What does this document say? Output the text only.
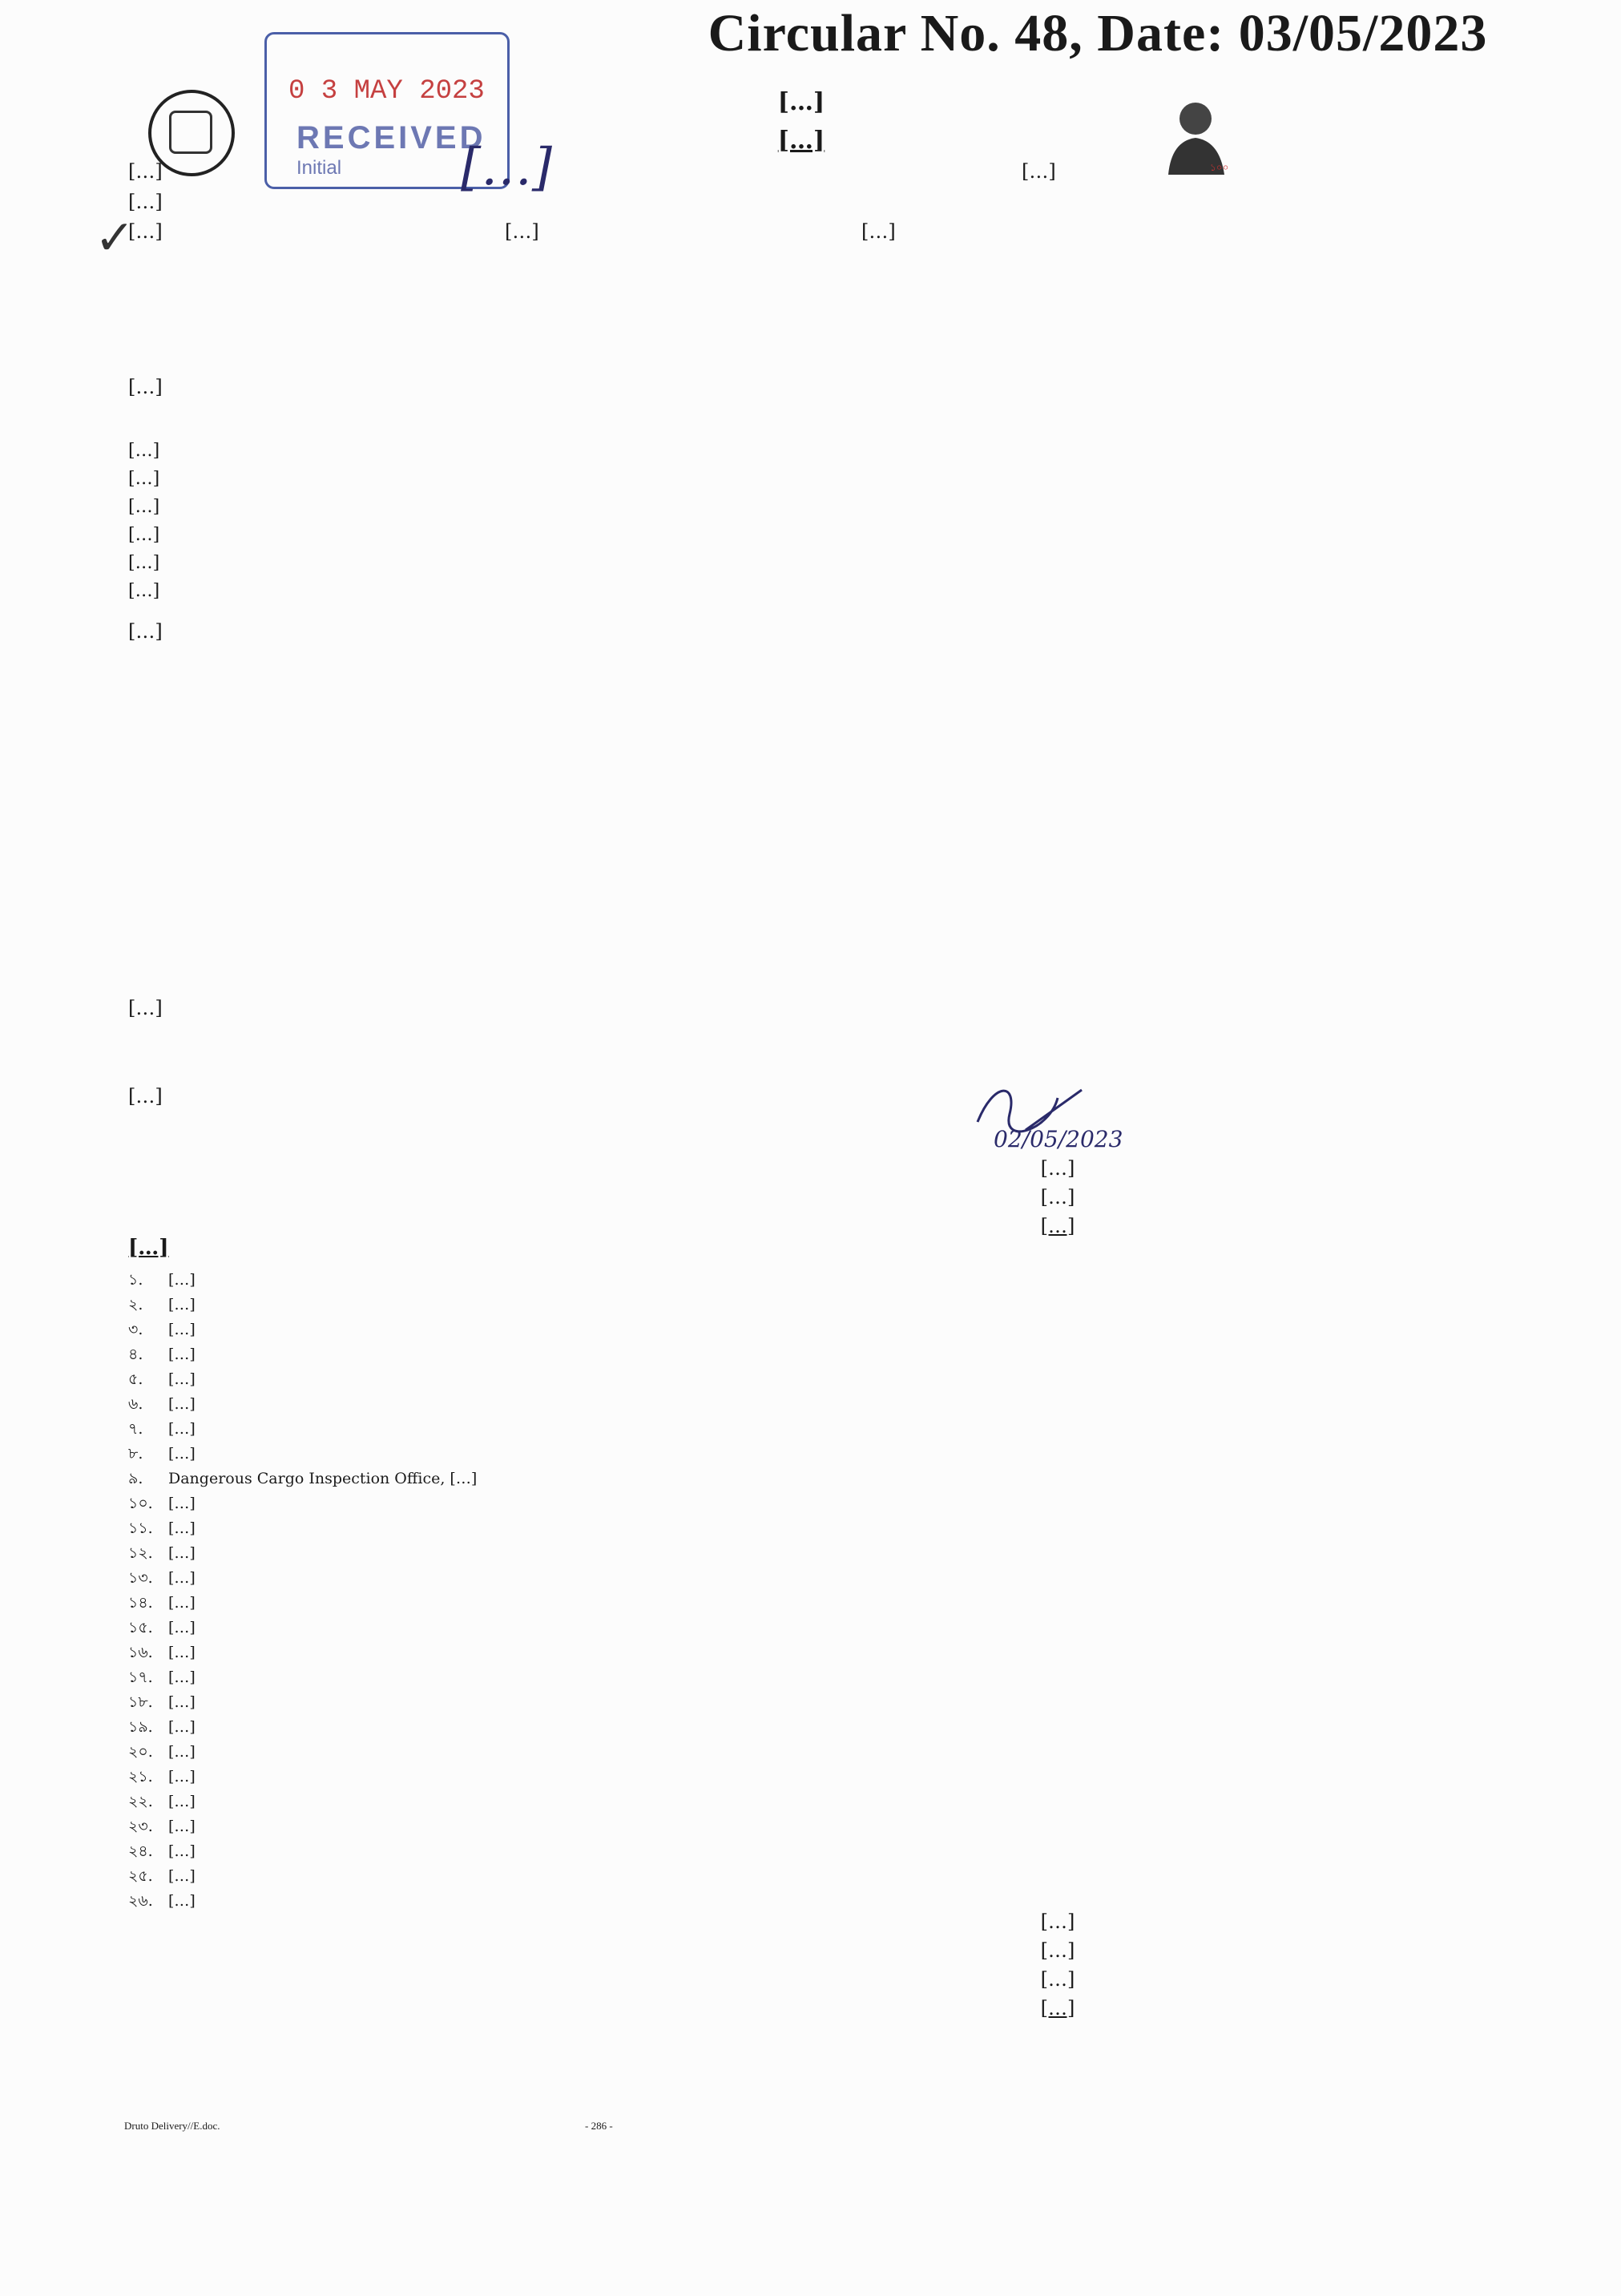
Circular No. 48, Date: 03/05/2023
0 3 MAY 2023
RECEIVED
Initial	১০০
[…]
[…]
[…]	[…]	[…]
[…]
✓
[…]	[…]	[…]
[…]
[…]
[…]
[…]
[…]
[…]
[…]
[…]
[…]
[…]
02/05/2023
[…]
[…]
[…]
[…]
১.	[…]
২.	[…]
৩.	[…]
৪.	[…]
৫.	[…]
৬.	[…]
৭.	[…]
৮.	[…]
৯.	Dangerous Cargo Inspection Office, […]
১০.	[…]
১১.	[…]
১২.	[…]
১৩.	[…]
১৪.	[…]
১৫.	[…]
১৬.	[…]
১৭.	[…]
১৮.	[…]
১৯.	[…]
২০.	[…]
২১.	[…]
২২.	[…]
২৩.	[…]
২৪.	[…]
২৫.	[…]
২৬.	[…]
[…]
[…]
[…]
[…]
Druto Delivery//E.doc.	- 286 -
